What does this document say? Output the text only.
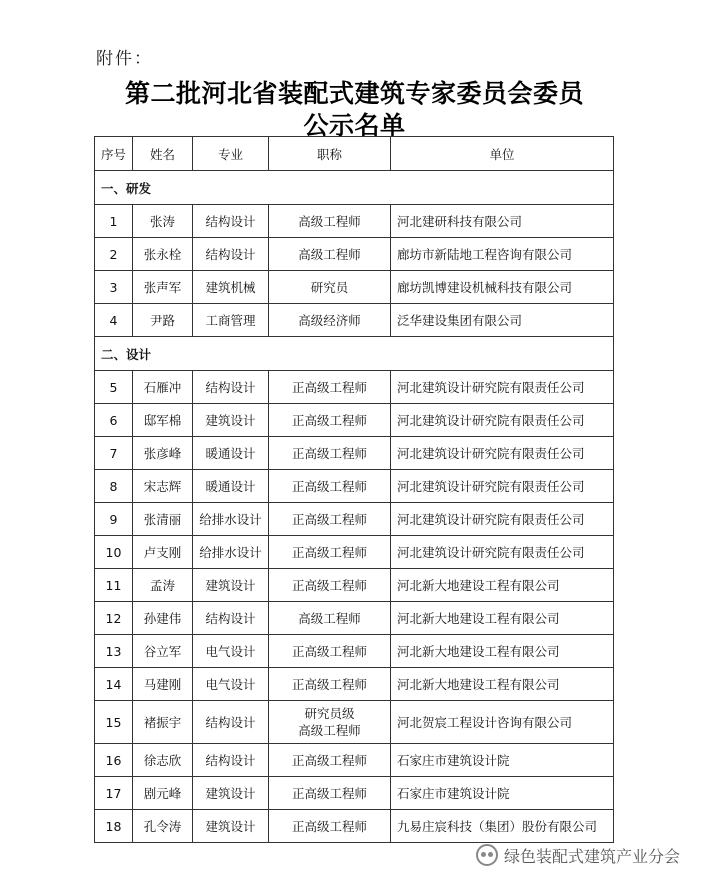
附件：
第二批河北省装配式建筑专家委员会委员
公示名单
序号	姓名	专业	职称	单位
一、研发				
1	张涛	结构设计	高级工程师	河北建研科技有限公司
2	张永栓	结构设计	高级工程师	廊坊市新陆地工程咨询有限公司
3	张声军	建筑机械	研究员	廊坊凯博建设机械科技有限公司
4	尹路	工商管理	高级经济师	泛华建设集团有限公司
二、设计				
5	石雁冲	结构设计	正高级工程师	河北建筑设计研究院有限责任公司
6	邸军棉	建筑设计	正高级工程师	河北建筑设计研究院有限责任公司
7	张彦峰	暖通设计	正高级工程师	河北建筑设计研究院有限责任公司
8	宋志辉	暖通设计	正高级工程师	河北建筑设计研究院有限责任公司
9	张清丽	给排水设计	正高级工程师	河北建筑设计研究院有限责任公司
10	卢支刚	给排水设计	正高级工程师	河北建筑设计研究院有限责任公司
11	孟涛	建筑设计	正高级工程师	河北新大地建设工程有限公司
12	孙建伟	结构设计	高级工程师	河北新大地建设工程有限公司
13	谷立军	电气设计	正高级工程师	河北新大地建设工程有限公司
14	马建刚	电气设计	正高级工程师	河北新大地建设工程有限公司
15	褚振宇	结构设计	研究员级
高级工程师	河北贺宸工程设计咨询有限公司
16	徐志欣	结构设计	正高级工程师	石家庄市建筑设计院
17	剧元峰	建筑设计	正高级工程师	石家庄市建筑设计院
18	孔令涛	建筑设计	正高级工程师	九易庄宸科技（集团）股份有限公司
绿色装配式建筑产业分会
